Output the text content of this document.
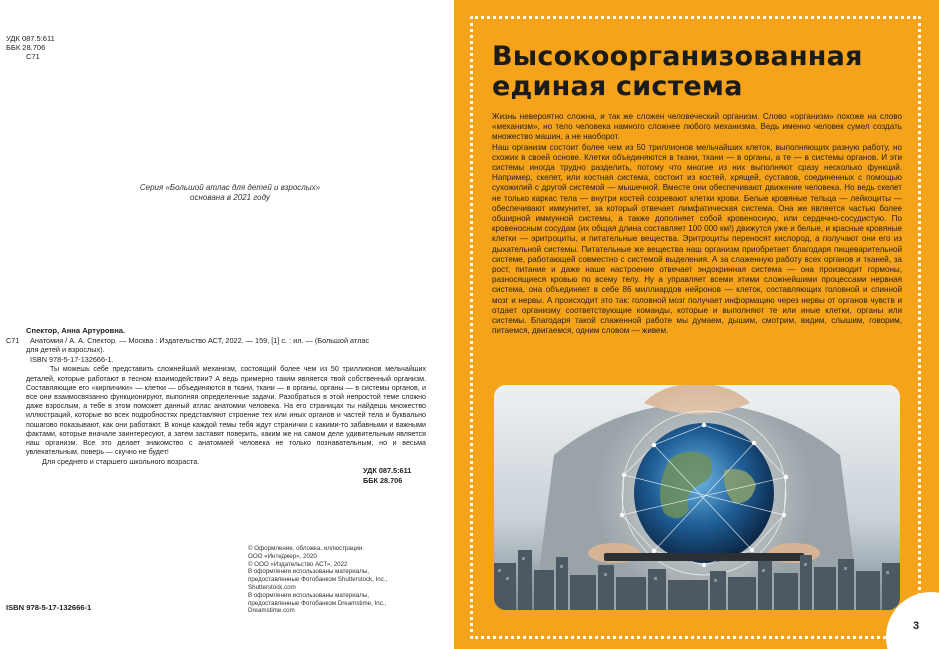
УДК 087.5:611
ББК 28.706
С71
Серия «Большой атлас для детей и взрослых»
основана в 2021 году
Спектор, Анна Артуровна.
С71	Анатомия / А. А. Спектор. — Москва : Издательство АСТ, 2022. — 159, [1] с. : ил. — (Большой атлас
для детей и взрослых).
ISBN 978-5-17-132666-1.
Ты можешь себе представить сложнейший механизм, состоящий более чем из 50 триллионов мельчайших деталей, которые работают в тесном взаимодействии? А ведь примерно таким является твой собственный организм. Составляющие его «кирпичики» — клетки — объединяются в ткани, ткани — в органы, органы — в системы органов, и все они взаимосвязанно функционируют, выполняя определенные задачи. Разобраться в этой непростой теме сложно даже взрослым, а тебе в этом поможет данный атлас анатомии человека. На его страницах ты найдешь множество иллюстраций, которые во всех подробностях представляют строение тех или иных органов и частей тела и буквально пошагово показывают, как они работают. В конце каждой темы тебя ждут странички с какими-то забавными и важными фактами, которые вначале заинтересуют, а затем заставят поверить, каким же на самом деле удивительным является наш организм. Все это делает знакомство с анатомией человека не только познавательным, но и весьма увлекательным, поверь — скучно не будет!
Для среднего и старшего школьного возраста.
УДК 087.5:611
ББК 28.706
© Оформление, обложка, иллюстрации.
ООО «Интеджер», 2020
© ООО «Издательство АСТ», 2022
В оформлении использованы материалы,
предоставленные Фотобанком Shutterstock, Inc.,
Shutterstock.com
В оформлении использованы материалы,
предоставленные Фотобанком Dreamstime, Inc.,
Dreamstime.com
ISBN 978-5-17-132666-1
Высокоорганизованная
единая система

Жизнь невероятно сложна, и так же сложен человеческий организм. Слово «организм» похоже на слово «механизм», но тело человека намного сложнее любого механизма. Ведь именно человек сумел создать множество машин, а не наоборот.

Наш организм состоит более чем из 50 триллионов мельчайших клеток, выполняющих разную работу, но схожих в своей основе. Клетки объединяются в ткани, ткани — в органы, а те — в системы органов. И эти системы иногда трудно разделить, потому что многие из них выполняют сразу несколько функций. Например, скелет, или костная система, состоит из костей, хрящей, суставов, соединенных с помощью сухожилий с другой системой — мышечной. Вместе они обеспечивают движение человека. Но ведь скелет не только каркас тела — внутри костей созревают клетки крови. Белые кровяные тельца — лейкоциты — обеспечивают иммунитет, за который отвечает лимфатическая система. Она же является частью более обширной иммунной системы, а также дополняет собой кровеносную, или сердечно-сосудистую. По кровеносным сосудам (их общая длина составляет 100 000 км!) движутся уже и белые, и красные кровяные клетки — эритроциты, и питательные вещества. Эритроциты переносят кислород, а получают они его из дыхательной системы. Питательные же вещества наш организм приобретает благодаря пищеварительной системе, работающей совместно с системой выделения. А за слаженную работу всех органов и тканей, за рост, питание и даже наше настроение отвечает эндокринная система — она производит гормоны, разносящиеся кровью по всему телу. Ну а управляет всеми этими сложнейшими процессами нервная система, она объединяет в себе 86 миллиардов нейронов — клеток, составляющих головной и спинной мозг и нервы. А происходит это так: головной мозг получает информацию через нервы от органов чувств и отдает организму соответствующие команды, которые и выполняют те или иные клетки, органы или системы. Благодаря такой слаженной работе мы думаем, дышим, смотрим, видим, слышим, говорим, питаемся, двигаемся, одним словом — живем.

3
